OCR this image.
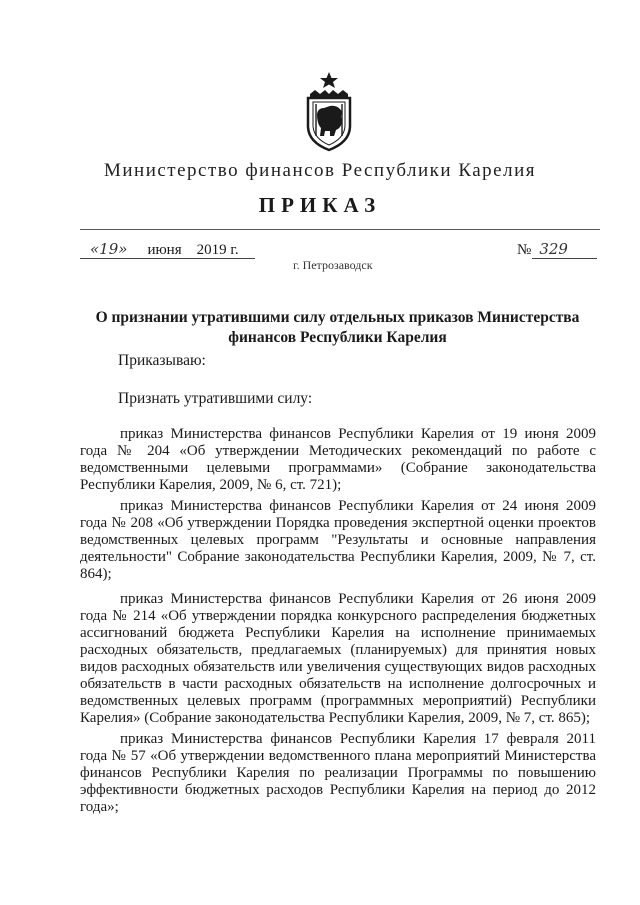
Министерство финансов Республики Карелия
ПРИКАЗ
«19» июня 2019 г.	№ 329
г. Петрозаводск
О признании утратившими силу отдельных приказов Министерства финансов Республики Карелия
Приказываю:
Признать утратившими силу:

приказ Министерства финансов Республики Карелия от 19 июня 2009 года № 204 «Об утверждении Методических рекомендаций по работе с ведомственными целевыми программами» (Собрание законодательства Республики Карелия, 2009, № 6, ст. 721);

приказ Министерства финансов Республики Карелия от 24 июня 2009 года № 208 «Об утверждении Порядка проведения экспертной оценки проектов ведомственных целевых программ "Результаты и основные направления деятельности" Собрание законодательства Республики Карелия, 2009, № 7, ст. 864);

приказ Министерства финансов Республики Карелия от 26 июня 2009 года № 214 «Об утверждении порядка конкурсного распределения бюджетных ассигнований бюджета Республики Карелия на исполнение принимаемых расходных обязательств, предлагаемых (планируемых) для принятия новых видов расходных обязательств или увеличения существующих видов расходных обязательств в части расходных обязательств на исполнение долгосрочных и ведомственных целевых программ (программных мероприятий) Республики Карелия» (Собрание законодательства Республики Карелия, 2009, № 7, ст. 865);

приказ Министерства финансов Республики Карелия 17 февраля 2011 года № 57 «Об утверждении ведомственного плана мероприятий Министерства финансов Республики Карелия по реализации Программы по повышению эффективности бюджетных расходов Республики Карелия на период до 2012 года»;
